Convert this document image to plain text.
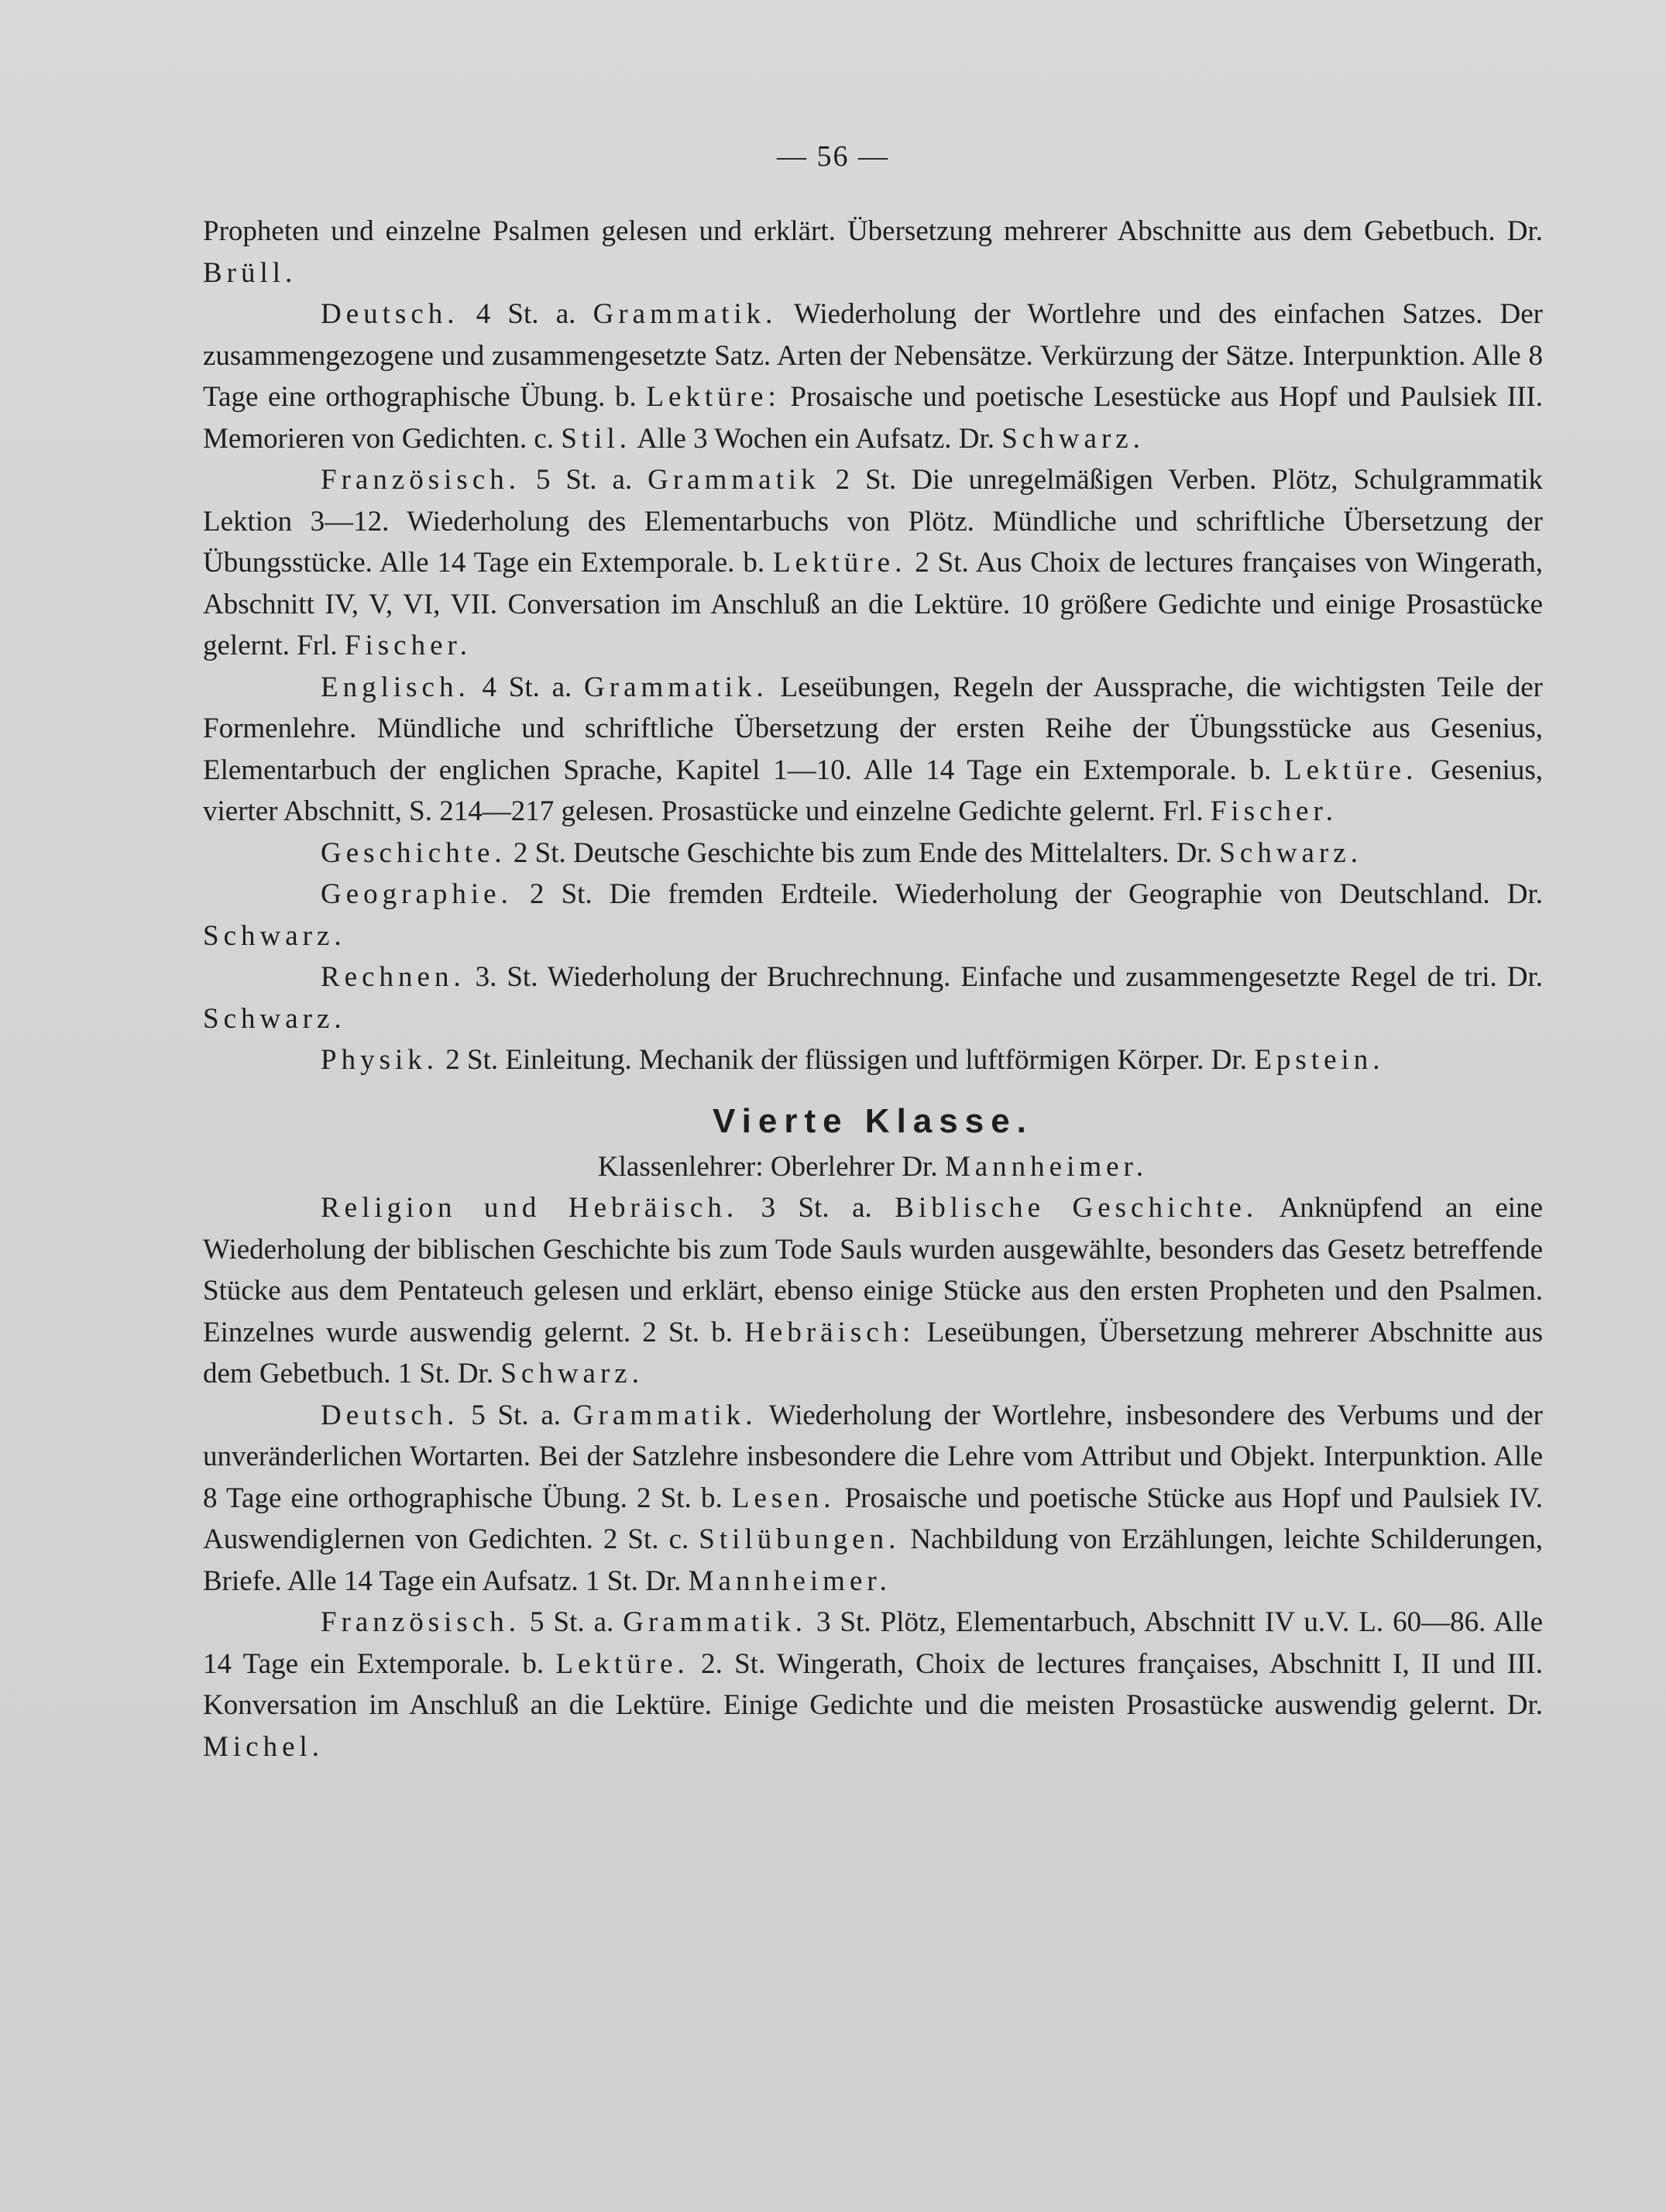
— 56 —

Propheten und einzelne Psalmen gelesen und erklärt. Übersetzung mehrerer Abschnitte aus dem Gebetbuch. Dr. Brüll.

Deutsch. 4 St. a. Grammatik. Wiederholung der Wortlehre und des einfachen Satzes. Der zusammengezogene und zusammengesetzte Satz. Arten der Nebensätze. Verkürzung der Sätze. Interpunktion. Alle 8 Tage eine orthographische Übung. b. Lektüre: Prosaische und poetische Lesestücke aus Hopf und Paulsiek III. Memorieren von Gedichten. c. Stil. Alle 3 Wochen ein Aufsatz. Dr. Schwarz.

Französisch. 5 St. a. Grammatik 2 St. Die unregelmäßigen Verben. Plötz, Schulgrammatik Lektion 3—12. Wiederholung des Elementarbuchs von Plötz. Mündliche und schriftliche Übersetzung der Übungsstücke. Alle 14 Tage ein Extemporale. b. Lektüre. 2 St. Aus Choix de lectures françaises von Wingerath, Abschnitt IV, V, VI, VII. Conversation im Anschluß an die Lektüre. 10 größere Gedichte und einige Prosastücke gelernt. Frl. Fischer.

Englisch. 4 St. a. Grammatik. Leseübungen, Regeln der Aussprache, die wichtigsten Teile der Formenlehre. Mündliche und schriftliche Übersetzung der ersten Reihe der Übungsstücke aus Gesenius, Elementarbuch der englichen Sprache, Kapitel 1—10. Alle 14 Tage ein Extemporale. b. Lektüre. Gesenius, vierter Abschnitt, S. 214—217 gelesen. Prosastücke und einzelne Gedichte gelernt. Frl. Fischer.

Geschichte. 2 St. Deutsche Geschichte bis zum Ende des Mittelalters. Dr. Schwarz.

Geographie. 2 St. Die fremden Erdteile. Wiederholung der Geographie von Deutschland. Dr. Schwarz.

Rechnen. 3. St. Wiederholung der Bruchrechnung. Einfache und zusammengesetzte Regel de tri. Dr. Schwarz.

Physik. 2 St. Einleitung. Mechanik der flüssigen und luftförmigen Körper. Dr. Epstein.

Vierte Klasse.

Klassenlehrer: Oberlehrer Dr. Mannheimer.

Religion und Hebräisch. 3 St. a. Biblische Geschichte. Anknüpfend an eine Wiederholung der biblischen Geschichte bis zum Tode Sauls wurden ausgewählte, besonders das Gesetz betreffende Stücke aus dem Pentateuch gelesen und erklärt, ebenso einige Stücke aus den ersten Propheten und den Psalmen. Einzelnes wurde auswendig gelernt. 2 St. b. Hebräisch: Leseübungen, Übersetzung mehrerer Abschnitte aus dem Gebetbuch. 1 St. Dr. Schwarz.

Deutsch. 5 St. a. Grammatik. Wiederholung der Wortlehre, insbesondere des Verbums und der unveränderlichen Wortarten. Bei der Satzlehre insbesondere die Lehre vom Attribut und Objekt. Interpunktion. Alle 8 Tage eine orthographische Übung. 2 St. b. Lesen. Prosaische und poetische Stücke aus Hopf und Paulsiek IV. Auswendiglernen von Gedichten. 2 St. c. Stilübungen. Nachbildung von Erzählungen, leichte Schilderungen, Briefe. Alle 14 Tage ein Aufsatz. 1 St. Dr. Mannheimer.

Französisch. 5 St. a. Grammatik. 3 St. Plötz, Elementarbuch, Abschnitt IV u.V. L. 60—86. Alle 14 Tage ein Extemporale. b. Lektüre. 2. St. Wingerath, Choix de lectures françaises, Abschnitt I, II und III. Konversation im Anschluß an die Lektüre. Einige Gedichte und die meisten Prosastücke auswendig gelernt. Dr. Michel.
